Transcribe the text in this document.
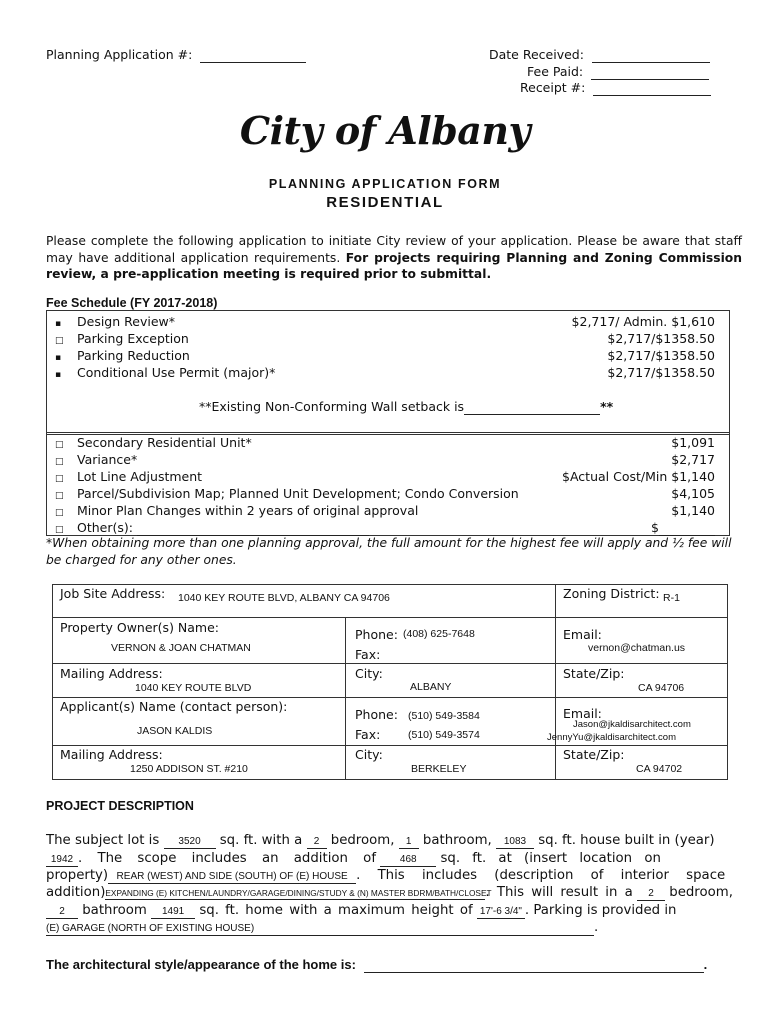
Planning Application #:	Date Received:
Fee Paid:
Receipt #:
City of Albany
PLANNING APPLICATION FORM
RESIDENTIAL
Please complete the following application to initiate City review of your application. Please be aware that staff may have additional application requirements. For projects requiring Planning and Zoning Commission review, a pre-application meeting is required prior to submittal.
Fee Schedule (FY 2017-2018)
▪ Design Review*	$2,717/ Admin. $1,610
□ Parking Exception	$2,717/$1358.50
▪ Parking Reduction	$2,717/$1358.50
▪ Conditional Use Permit (major)*	$2,717/$1358.50
**Existing Non-Conforming Wall setback is	**
□ Secondary Residential Unit*	$1,091
□ Variance*	$2,717
□ Lot Line Adjustment	$Actual Cost/Min $1,140
□ Parcel/Subdivision Map; Planned Unit Development; Condo Conversion	$4,105
□ Minor Plan Changes within 2 years of original approval	$1,140
□ Other(s):	$
*When obtaining more than one planning approval, the full amount for the highest fee will apply and ½ fee will be charged for any other ones.
Job Site Address: 1040 KEY ROUTE BLVD, ALBANY CA 94706	Zoning District: R-1
Property Owner(s) Name:
VERNON & JOAN CHATMAN
Phone: (408) 625-7648
Fax:
Email:
vernon@chatman.us
Mailing Address:
1040 KEY ROUTE BLVD
City:
ALBANY
State/Zip:
CA 94706
Applicant(s) Name (contact person):
JASON KALDIS
Phone: (510) 549-3584
Fax:	(510) 549-3574
Email:
Jason@jkaldisarchitect.com
JennyYu@jkaldisarchitect.com
Mailing Address:
1250 ADDISON ST. #210
City:
BERKELEY
State/Zip:
CA 94702
PROJECT DESCRIPTION
The subject lot is 3520 sq. ft. with a 2 bedroom, 1 bathroom, 1083 sq. ft. house built in (year)
1942 . The scope includes an addition of 468 sq. ft. at (insert location on
property) REAR (WEST) AND SIDE (SOUTH) OF (E) HOUSE . This includes (description of interior space
addition)EXPANDING (E) KITCHEN/LAUNDRY/GARAGE/DINING/STUDY & (N) MASTER BDRM/BATH/CLOSET. This will result in a 2 bedroom,
2 bathroom 1491 sq. ft. home with a maximum height of 17'-6 3/4" . Parking is provided in
(E) GARAGE (NORTH OF EXISTING HOUSE)	.
The architectural style/appearance of the home is:	.
